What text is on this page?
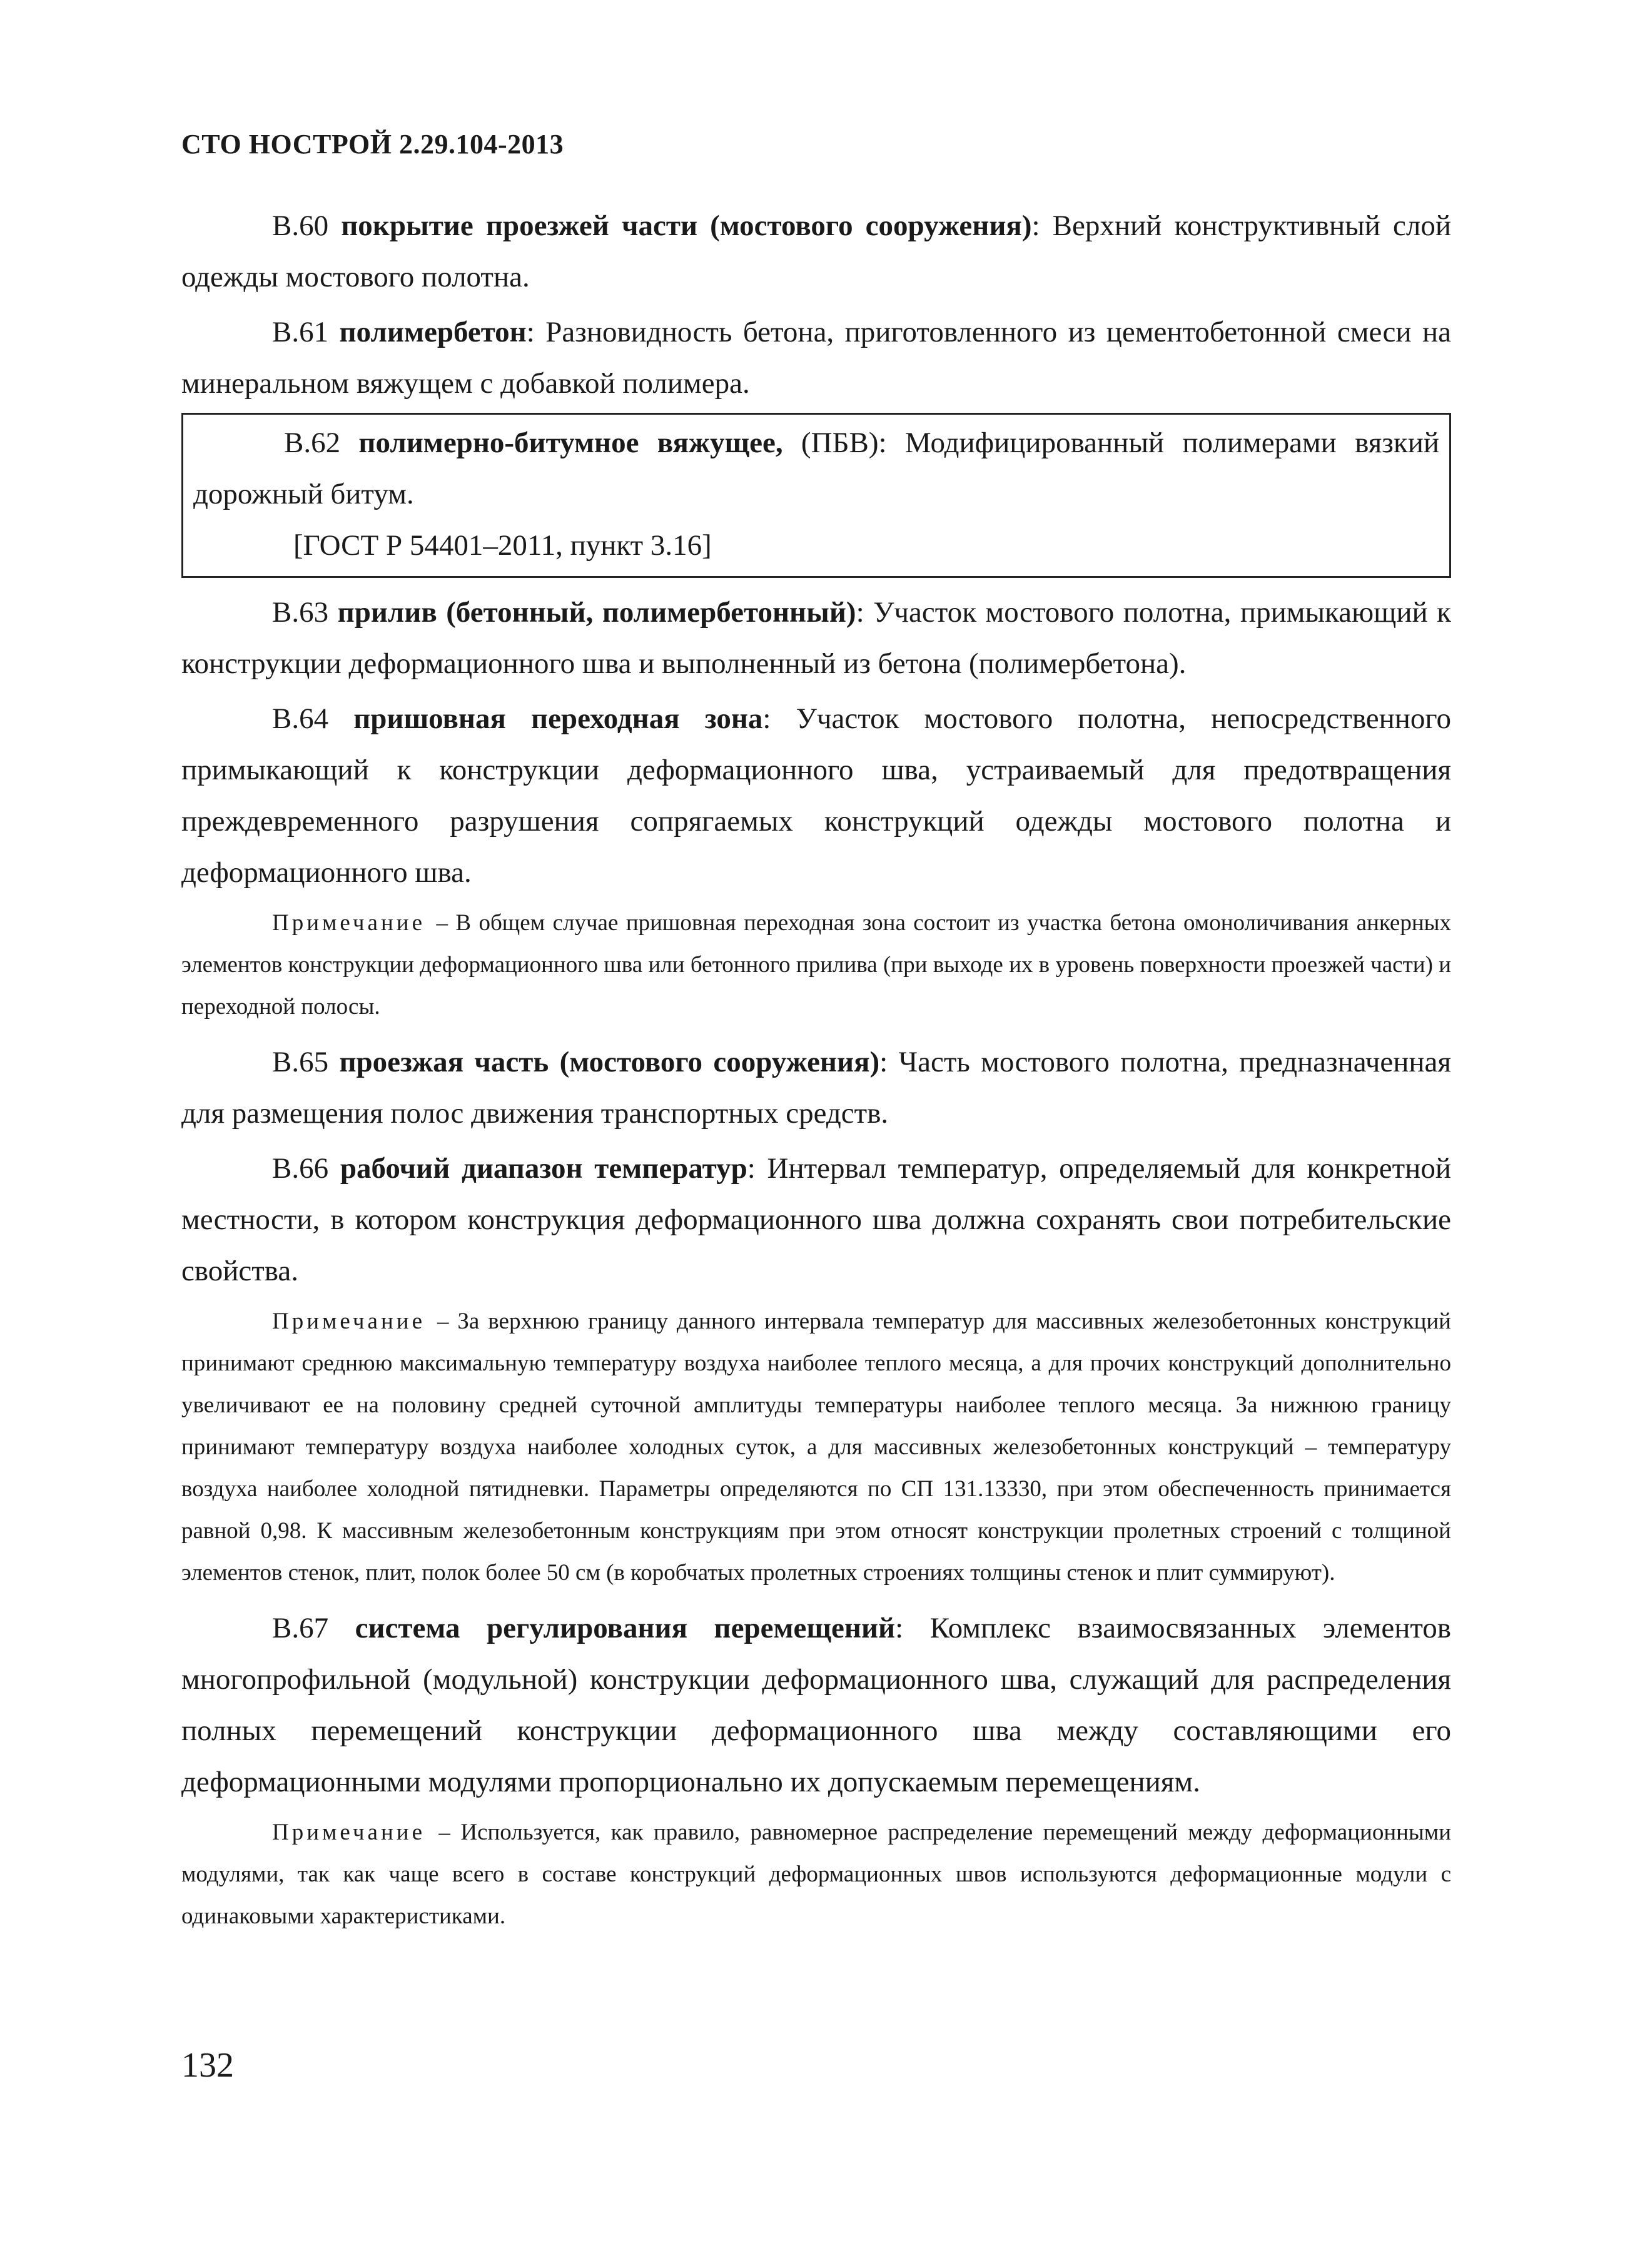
СТО НОСТРОЙ 2.29.104-2013

В.60 покрытие проезжей части (мостового сооружения): Верхний конструктивный слой одежды мостового полотна.

В.61 полимербетон: Разновидность бетона, приготовленного из цементобетонной смеси на минеральном вяжущем с добавкой полимера.

В.62 полимерно-битумное вяжущее, (ПБВ): Модифицированный полимерами вязкий дорожный битум.

[ГОСТ Р 54401–2011, пункт 3.16]

В.63 прилив (бетонный, полимербетонный): Участок мостового полотна, примыкающий к конструкции деформационного шва и выполненный из бетона (полимербетона).

В.64 пришовная переходная зона: Участок мостового полотна, непосредственного примыкающий к конструкции деформационного шва, устраиваемый для предотвращения преждевременного разрушения сопрягаемых конструкций одежды мостового полотна и деформационного шва.

Примечание – В общем случае пришовная переходная зона состоит из участка бетона омоноличивания анкерных элементов конструкции деформационного шва или бетонного прилива (при выходе их в уровень поверхности проезжей части) и переходной полосы.

В.65 проезжая часть (мостового сооружения): Часть мостового полотна, предназначенная для размещения полос движения транспортных средств.

В.66 рабочий диапазон температур: Интервал температур, определяемый для конкретной местности, в котором конструкция деформационного шва должна сохранять свои потребительские свойства.

Примечание – За верхнюю границу данного интервала температур для массивных железобетонных конструкций принимают среднюю максимальную температуру воздуха наиболее теплого месяца, а для прочих конструкций дополнительно увеличивают ее на половину средней суточной амплитуды температуры наиболее теплого месяца. За нижнюю границу принимают температуру воздуха наиболее холодных суток, а для массивных железобетонных конструкций – температуру воздуха наиболее холодной пятидневки. Параметры определяются по СП 131.13330, при этом обеспеченность принимается равной 0,98. К массивным железобетонным конструкциям при этом относят конструкции пролетных строений с толщиной элементов стенок, плит, полок более 50 см (в коробчатых пролетных строениях толщины стенок и плит суммируют).

В.67 система регулирования перемещений: Комплекс взаимосвязанных элементов многопрофильной (модульной) конструкции деформационного шва, служащий для распределения полных перемещений конструкции деформационного шва между составляющими его деформационными модулями пропорционально их допускаемым перемещениям.

Примечание – Используется, как правило, равномерное распределение перемещений между деформационными модулями, так как чаще всего в составе конструкций деформационных швов используются деформационные модули с одинаковыми характеристиками.

132
